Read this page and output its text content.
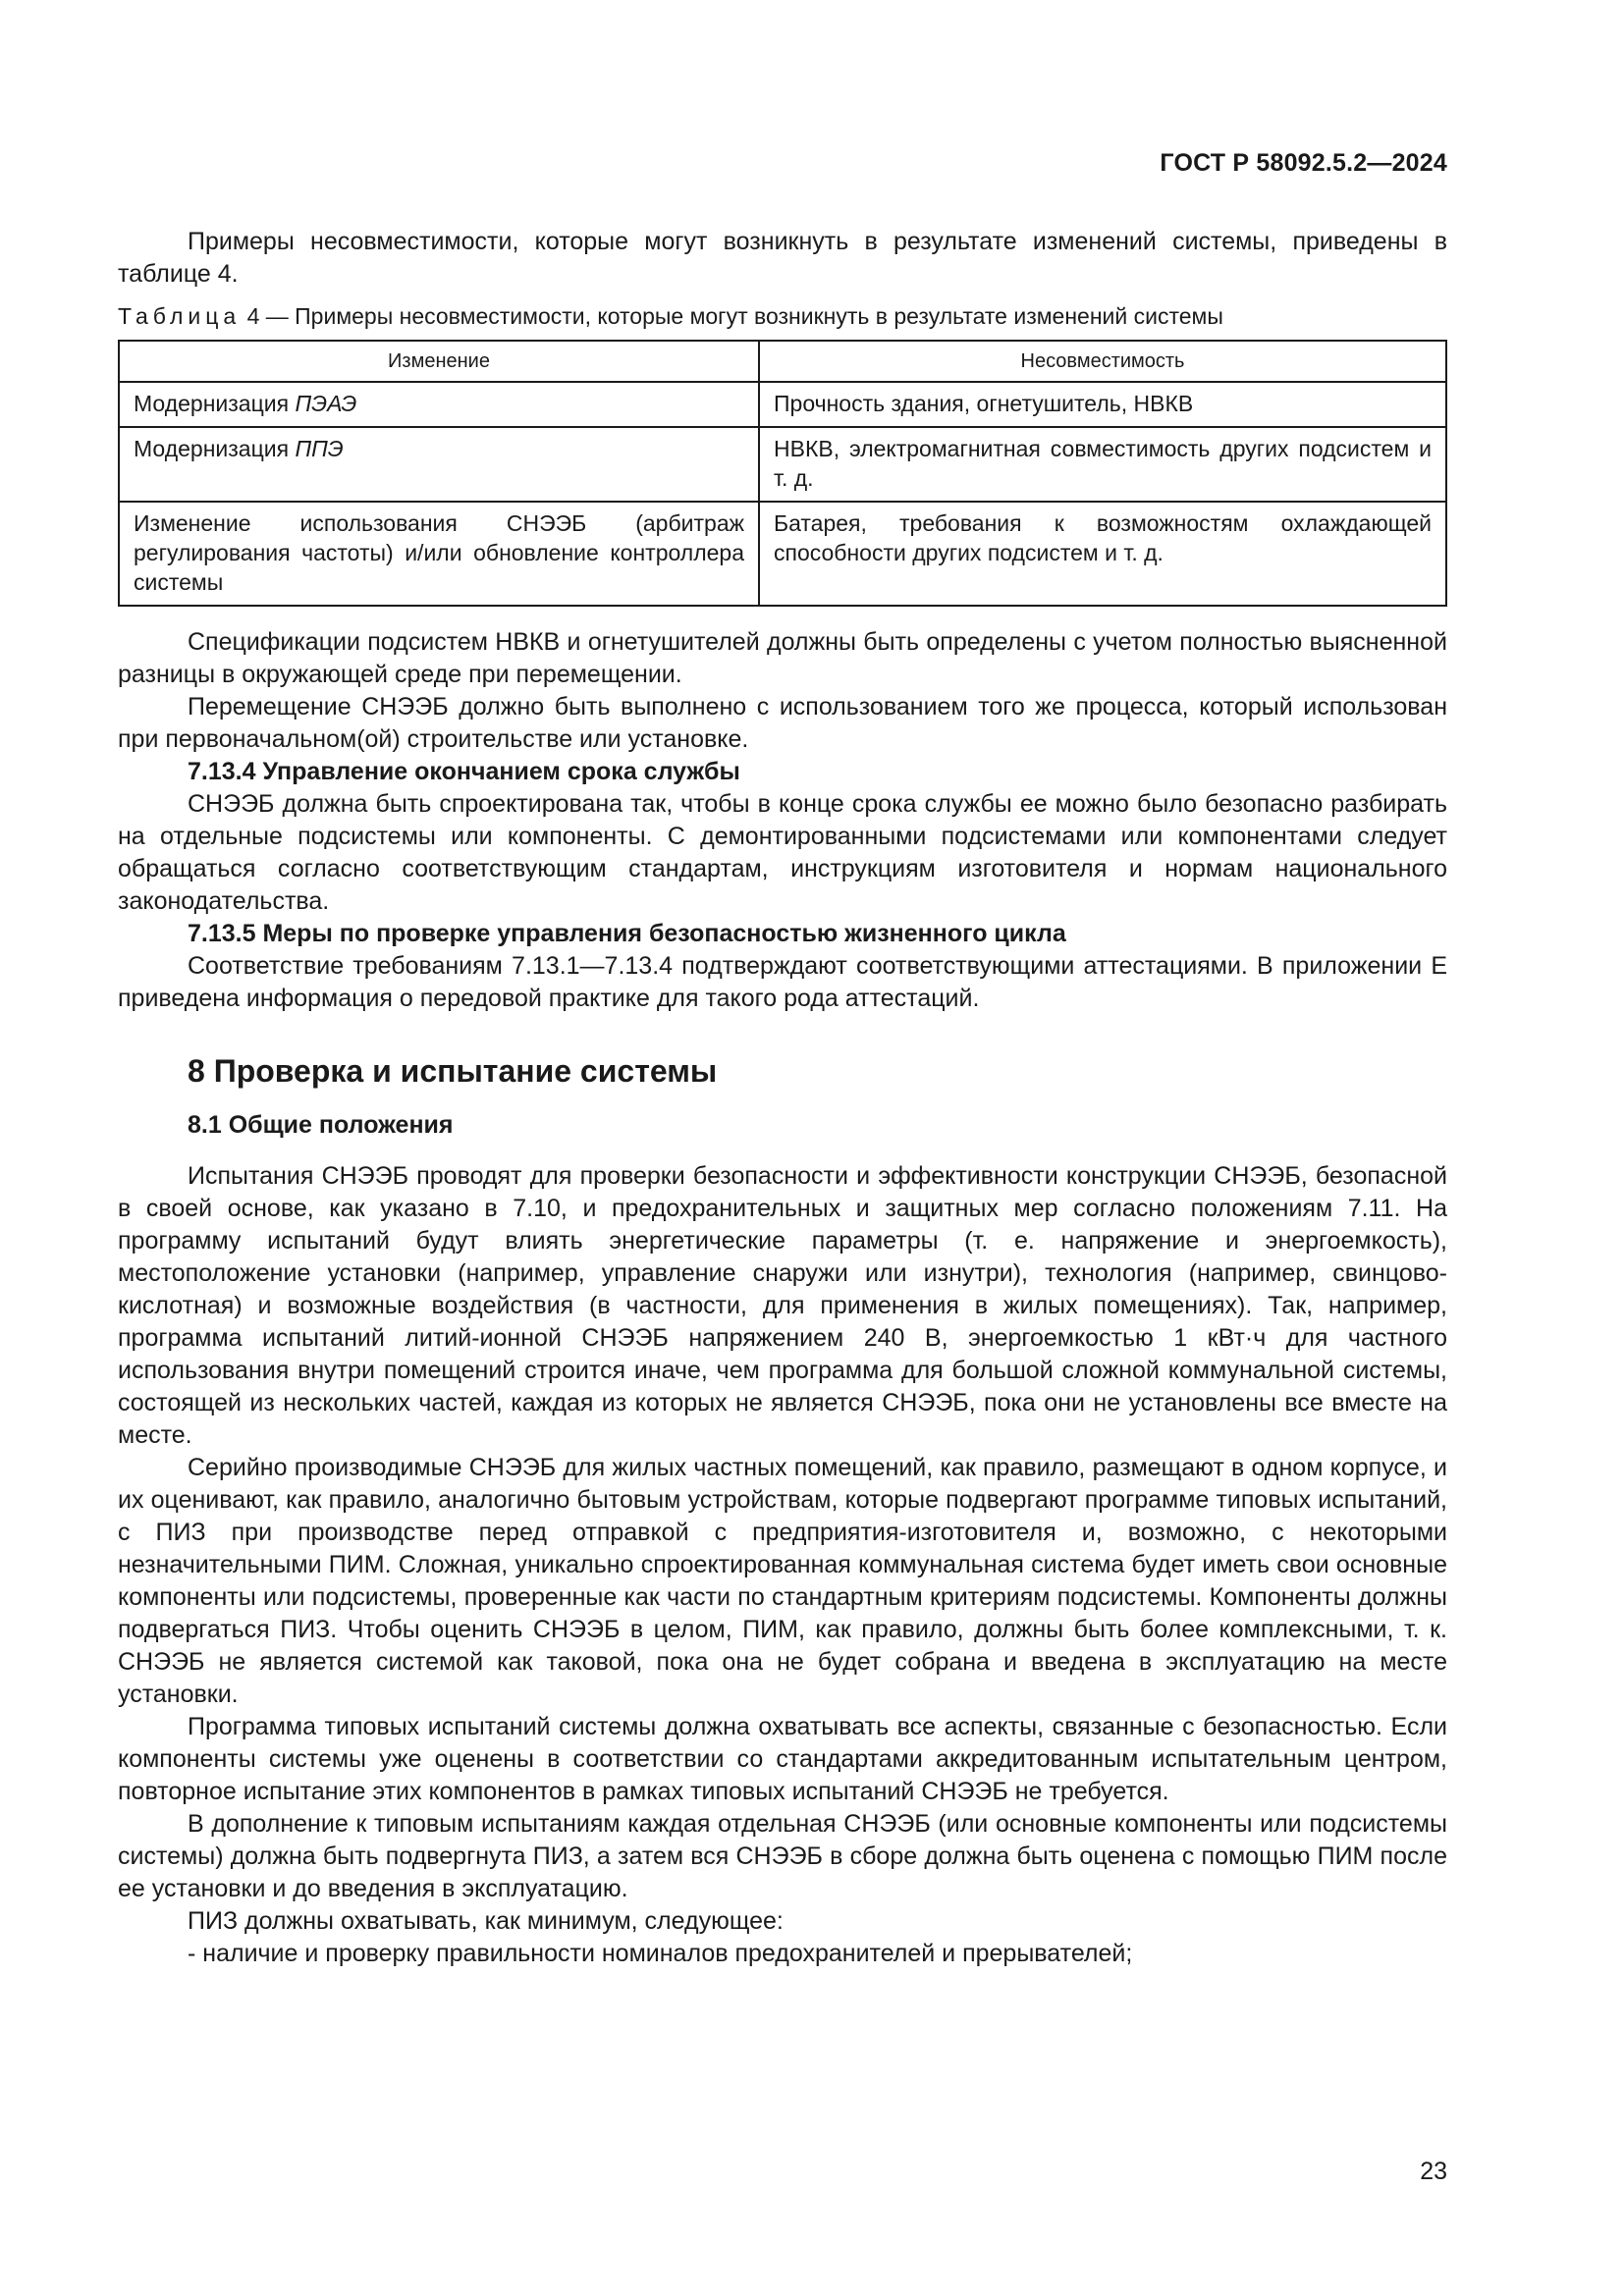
ГОСТ Р 58092.5.2—2024

Примеры несовместимости, которые могут возникнуть в результате изменений системы, приведены в таблице 4.

Таблица 4 — Примеры несовместимости, которые могут возникнуть в результате изменений системы

Изменение	Несовместимость
Модернизация ПЭАЭ	Прочность здания, огнетушитель, НВКВ
Модернизация ППЭ	НВКВ, электромагнитная совместимость других подсистем и т. д.
Изменение использования СНЭЭБ (арбитраж регулирования частоты) и/или обновление контроллера системы	Батарея, требования к возможностям охлаждающей способности других подсистем и т. д.

Спецификации подсистем НВКВ и огнетушителей должны быть определены с учетом полностью выясненной разницы в окружающей среде при перемещении.

Перемещение СНЭЭБ должно быть выполнено с использованием того же процесса, который использован при первоначальном(ой) строительстве или установке.

7.13.4 Управление окончанием срока службы

СНЭЭБ должна быть спроектирована так, чтобы в конце срока службы ее можно было безопасно разбирать на отдельные подсистемы или компоненты. С демонтированными подсистемами или компонентами следует обращаться согласно соответствующим стандартам, инструкциям изготовителя и нормам национального законодательства.

7.13.5 Меры по проверке управления безопасностью жизненного цикла

Соответствие требованиям 7.13.1—7.13.4 подтверждают соответствующими аттестациями. В приложении Е приведена информация о передовой практике для такого рода аттестаций.

8 Проверка и испытание системы
8.1 Общие положения

Испытания СНЭЭБ проводят для проверки безопасности и эффективности конструкции СНЭЭБ, безопасной в своей основе, как указано в 7.10, и предохранительных и защитных мер согласно положениям 7.11. На программу испытаний будут влиять энергетические параметры (т. е. напряжение и энергоемкость), местоположение установки (например, управление снаружи или изнутри), технология (например, свинцово-кислотная) и возможные воздействия (в частности, для применения в жилых помещениях). Так, например, программа испытаний литий-ионной СНЭЭБ напряжением 240 В, энергоемкостью 1 кВт·ч для частного использования внутри помещений строится иначе, чем программа для большой сложной коммунальной системы, состоящей из нескольких частей, каждая из которых не является СНЭЭБ, пока они не установлены все вместе на месте.

Серийно производимые СНЭЭБ для жилых частных помещений, как правило, размещают в одном корпусе, и их оценивают, как правило, аналогично бытовым устройствам, которые подвергают программе типовых испытаний, с ПИЗ при производстве перед отправкой с предприятия-изготовителя и, возможно, с некоторыми незначительными ПИМ. Сложная, уникально спроектированная коммунальная система будет иметь свои основные компоненты или подсистемы, проверенные как части по стандартным критериям подсистемы. Компоненты должны подвергаться ПИЗ. Чтобы оценить СНЭЭБ в целом, ПИМ, как правило, должны быть более комплексными, т. к. СНЭЭБ не является системой как таковой, пока она не будет собрана и введена в эксплуатацию на месте установки.

Программа типовых испытаний системы должна охватывать все аспекты, связанные с безопасностью. Если компоненты системы уже оценены в соответствии со стандартами аккредитованным испытательным центром, повторное испытание этих компонентов в рамках типовых испытаний СНЭЭБ не требуется.

В дополнение к типовым испытаниям каждая отдельная СНЭЭБ (или основные компоненты или подсистемы системы) должна быть подвергнута ПИЗ, а затем вся СНЭЭБ в сборе должна быть оценена с помощью ПИМ после ее установки и до введения в эксплуатацию.

ПИЗ должны охватывать, как минимум, следующее:

- наличие и проверку правильности номиналов предохранителей и прерывателей;

23
